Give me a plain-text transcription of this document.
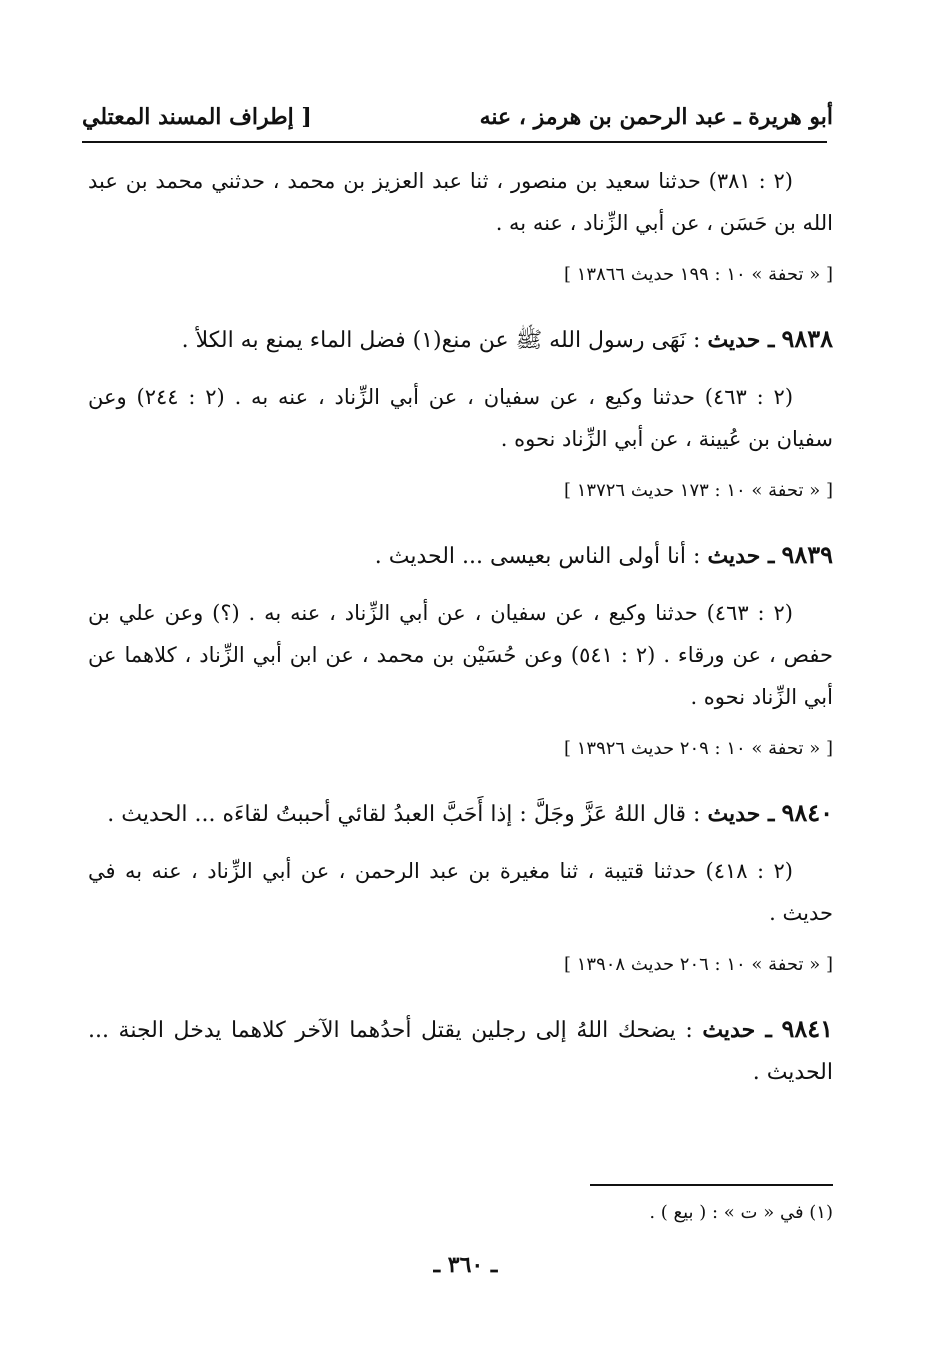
أبو هريرة ـ عبد الرحمن بن هرمز ، عنه
[ إطراف المسند المعتلي
(٢ : ٣٨١) حدثنا سعيد بن منصور ، ثنا عبد العزيز بن محمد ، حدثني محمد بن عبد الله بن حَسَن ، عن أبي الزِّناد ، عنه به .
[ « تحفة » ١٠ : ١٩٩ حديث ١٣٨٦٦ ]
٩٨٣٨ ـ حديث : نَهَى رسول الله ﷺ عن منع(١) فضل الماء يمنع به الكلأ .
(٢ : ٤٦٣) حدثنا وكيع ، عن سفيان ، عن أبي الزِّناد ، عنه به . (٢ : ٢٤٤) وعن سفيان بن عُيينة ، عن أبي الزِّناد نحوه .
[ « تحفة » ١٠ : ١٧٣ حديث ١٣٧٢٦ ]
٩٨٣٩ ـ حديث : أنا أولى الناس بعيسى ... الحديث .
(٢ : ٤٦٣) حدثنا وكيع ، عن سفيان ، عن أبي الزِّناد ، عنه به . (؟) وعن علي بن حفص ، عن ورقاء . (٢ : ٥٤١) وعن حُسَيْن بن محمد ، عن ابن أبي الزِّناد ، كلاهما عن أبي الزِّناد نحوه .
[ « تحفة » ١٠ : ٢٠٩ حديث ١٣٩٢٦ ]
٩٨٤٠ ـ حديث : قال اللهُ عَزَّ وجَلَّ : إذا أَحَبَّ العبدُ لقائي أحببتُ لقاءَه ... الحديث .
(٢ : ٤١٨) حدثنا قتيبة ، ثنا مغيرة بن عبد الرحمن ، عن أبي الزِّناد ، عنه به في حديث .
[ « تحفة » ١٠ : ٢٠٦ حديث ١٣٩٠٨ ]
٩٨٤١ ـ حديث : يضحك اللهُ إلى رجلين يقتل أحدُهما الآخر كلاهما يدخل الجنة ... الحديث .
(١) في « ت » : ( بيع ) .
ـ ٣٦٠ ـ
